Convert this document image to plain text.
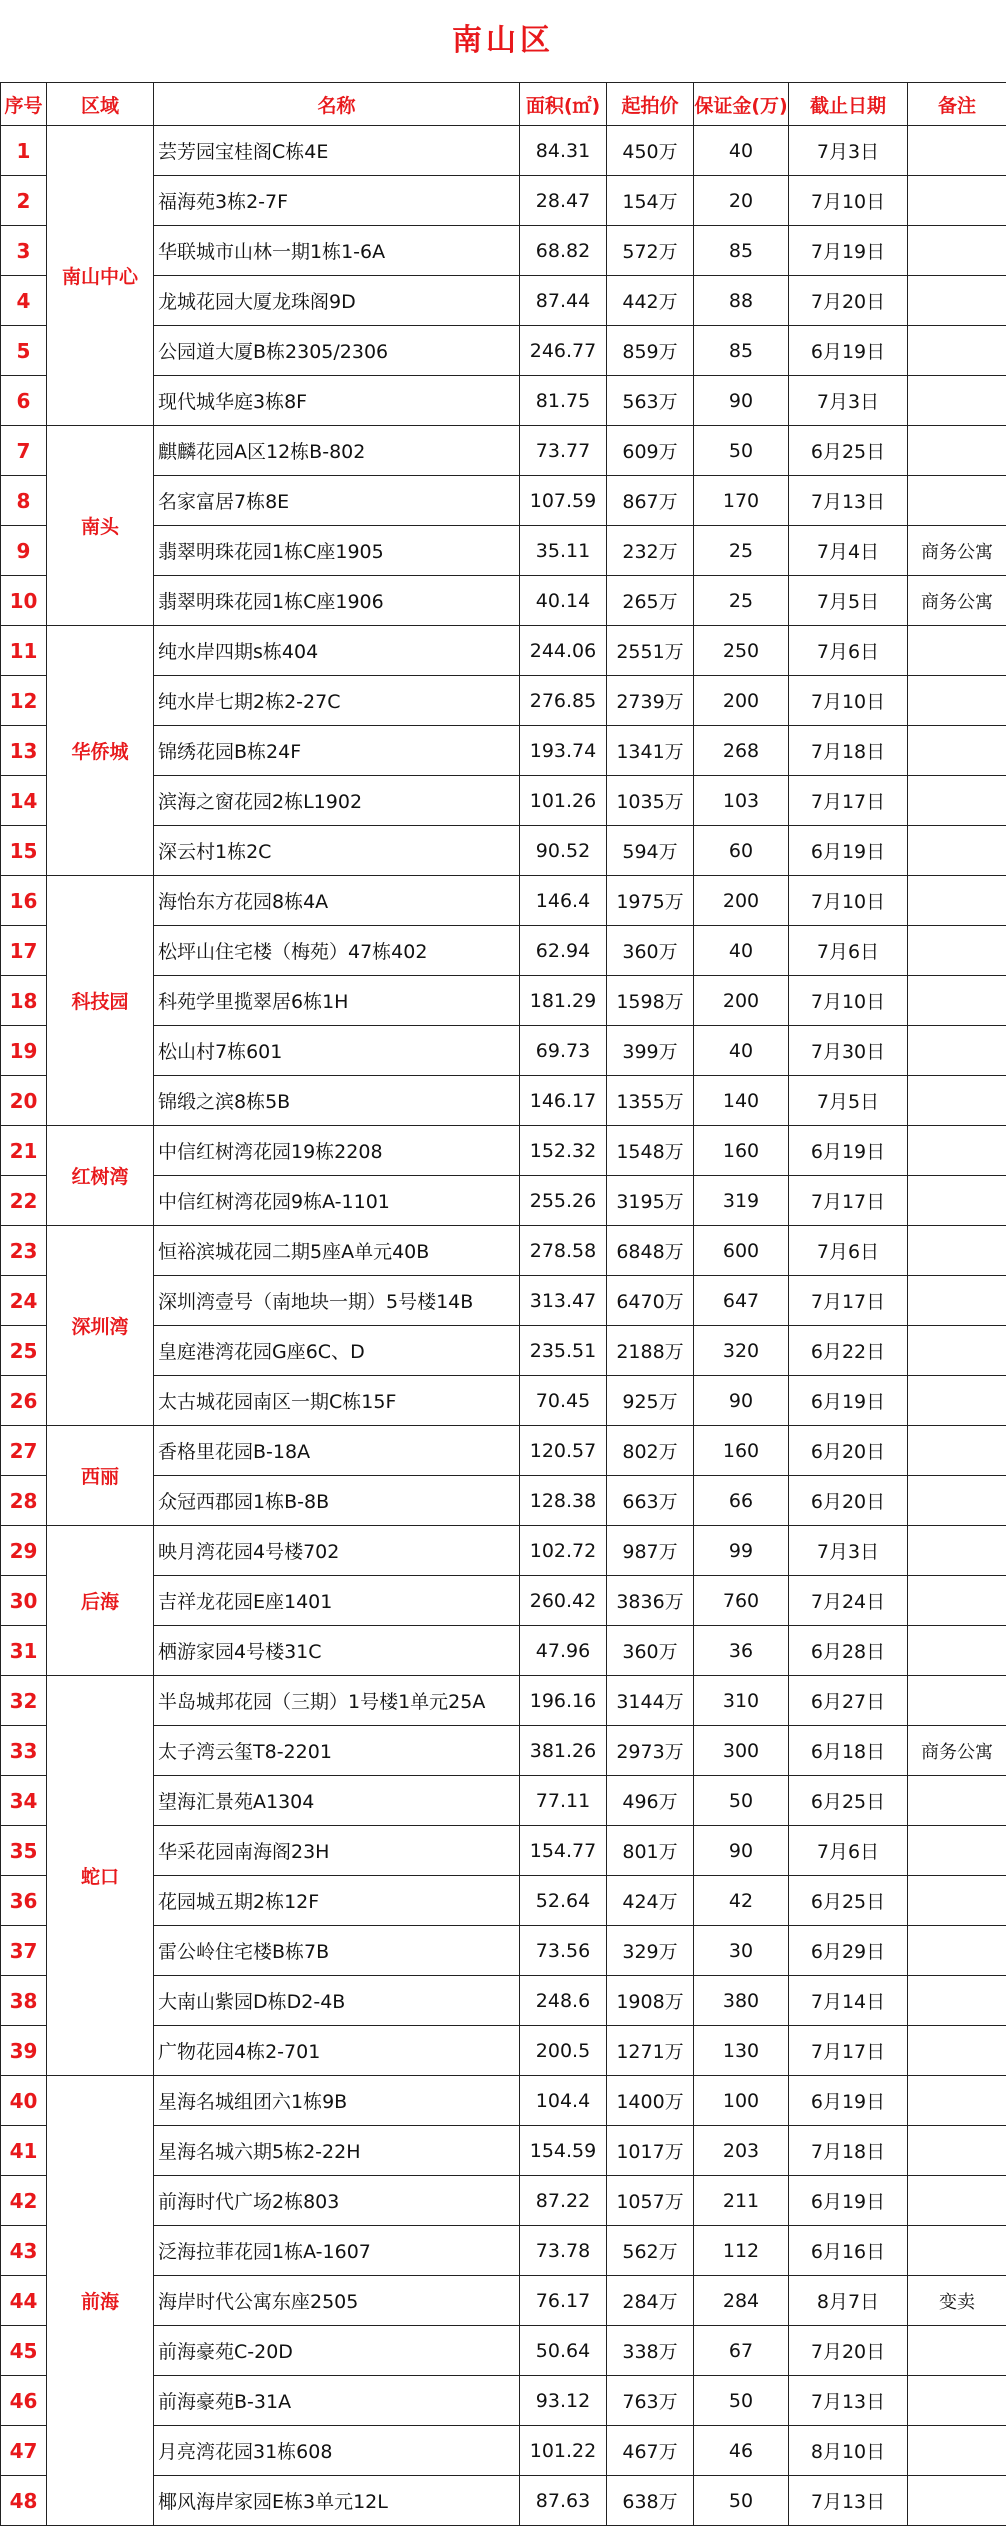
南山区
序号	区域	名称	面积(㎡)	起拍价	保证金(万)	截止日期	备注
1	南山中心	芸芳园宝桂阁C栋4E	84.31	450万	40	7月3日	
2		福海苑3栋2-7F	28.47	154万	20	7月10日	
3		华联城市山林一期1栋1-6A	68.82	572万	85	7月19日	
4		龙城花园大厦龙珠阁9D	87.44	442万	88	7月20日	
5		公园道大厦B栋2305/2306	246.77	859万	85	6月19日	
6		现代城华庭3栋8F	81.75	563万	90	7月3日	
7	南头	麒麟花园A区12栋B-802	73.77	609万	50	6月25日	
8		名家富居7栋8E	107.59	867万	170	7月13日	
9		翡翠明珠花园1栋C座1905	35.11	232万	25	7月4日	商务公寓
10		翡翠明珠花园1栋C座1906	40.14	265万	25	7月5日	商务公寓
11	华侨城	纯水岸四期s栋404	244.06	2551万	250	7月6日	
12		纯水岸七期2栋2-27C	276.85	2739万	200	7月10日	
13		锦绣花园B栋24F	193.74	1341万	268	7月18日	
14		滨海之窗花园2栋L1902	101.26	1035万	103	7月17日	
15		深云村1栋2C	90.52	594万	60	6月19日	
16	科技园	海怡东方花园8栋4A	146.4	1975万	200	7月10日	
17		松坪山住宅楼（梅苑）47栋402	62.94	360万	40	7月6日	
18		科苑学里揽翠居6栋1H	181.29	1598万	200	7月10日	
19		松山村7栋601	69.73	399万	40	7月30日	
20		锦缎之滨8栋5B	146.17	1355万	140	7月5日	
21	红树湾	中信红树湾花园19栋2208	152.32	1548万	160	6月19日	
22		中信红树湾花园9栋A-1101	255.26	3195万	319	7月17日	
23	深圳湾	恒裕滨城花园二期5座A单元40B	278.58	6848万	600	7月6日	
24		深圳湾壹号（南地块一期）5号楼14B	313.47	6470万	647	7月17日	
25		皇庭港湾花园G座6C、D	235.51	2188万	320	6月22日	
26		太古城花园南区一期C栋15F	70.45	925万	90	6月19日	
27	西丽	香格里花园B-18A	120.57	802万	160	6月20日	
28		众冠西郡园1栋B-8B	128.38	663万	66	6月20日	
29	后海	映月湾花园4号楼702	102.72	987万	99	7月3日	
30		吉祥龙花园E座1401	260.42	3836万	760	7月24日	
31		栖游家园4号楼31C	47.96	360万	36	6月28日	
32	蛇口	半岛城邦花园（三期）1号楼1单元25A	196.16	3144万	310	6月27日	
33		太子湾云玺T8-2201	381.26	2973万	300	6月18日	商务公寓
34		望海汇景苑A1304	77.11	496万	50	6月25日	
35		华采花园南海阁23H	154.77	801万	90	7月6日	
36		花园城五期2栋12F	52.64	424万	42	6月25日	
37		雷公岭住宅楼B栋7B	73.56	329万	30	6月29日	
38		大南山紫园D栋D2-4B	248.6	1908万	380	7月14日	
39		广物花园4栋2-701	200.5	1271万	130	7月17日	
40	前海	星海名城组团六1栋9B	104.4	1400万	100	6月19日	
41		星海名城六期5栋2-22H	154.59	1017万	203	7月18日	
42		前海时代广场2栋803	87.22	1057万	211	6月19日	
43		泛海拉菲花园1栋A-1607	73.78	562万	112	6月16日	
44		海岸时代公寓东座2505	76.17	284万	284	8月7日	变卖
45		前海豪苑C-20D	50.64	338万	67	7月20日	
46		前海豪苑B-31A	93.12	763万	50	7月13日	
47		月亮湾花园31栋608	101.22	467万	46	8月10日	
48		椰风海岸家园E栋3单元12L	87.63	638万	50	7月13日	
